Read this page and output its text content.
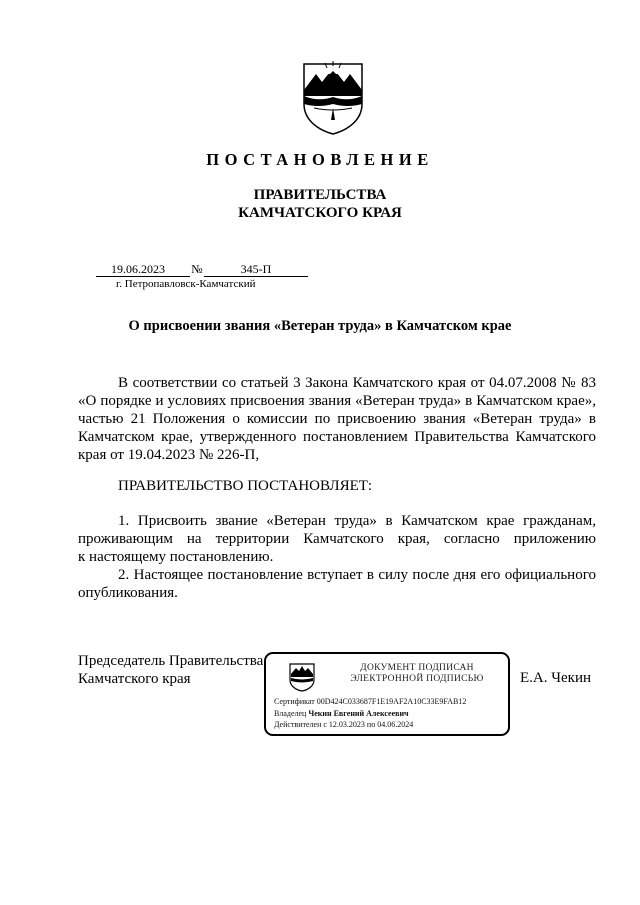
ПОСТАНОВЛЕНИЕ
ПРАВИТЕЛЬСТВА
КАМЧАТСКОГО КРАЯ
19.06.2023 №	345-П
г. Петропавловск-Камчатский
О присвоении звания «Ветеран труда» в Камчатском крае
В соответствии со статьей 3 Закона Камчатского края от 04.07.2008 № 83
«О порядке и условиях присвоения звания «Ветеран труда» в Камчатском крае»,
частью 21 Положения о комиссии по присвоению звания «Ветеран труда» в
Камчатском крае, утвержденного постановлением Правительства Камчатского
края от 19.04.2023 № 226-П,
ПРАВИТЕЛЬСТВО ПОСТАНОВЛЯЕТ:
1. Присвоить звание «Ветеран труда» в Камчатском крае гражданам,
проживающим на территории Камчатского края, согласно приложению
к настоящему постановлению.
2. Настоящее постановление вступает в силу после дня его официального
опубликования.
Председатель Правительства
Камчатского края
ДОКУМЕНТ ПОДПИСАН
ЭЛЕКТРОННОЙ ПОДПИСЬЮ
Сертификат 00D424C033687F1E19AF2A10C33E9FAB12
Владелец Чекин Евгений Алексеевич
Действителен с 12.03.2023 по 04.06.2024
Е.А. Чекин
